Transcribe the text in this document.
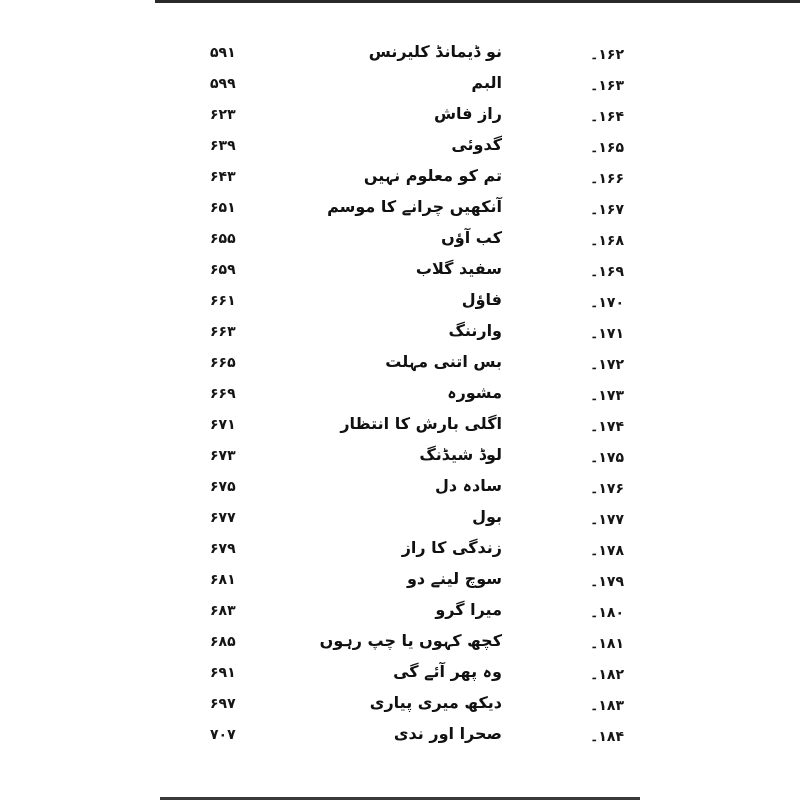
۵۹۱	نو ڈیمانڈ کلیرنس	۱۶۲۔
۵۹۹	البم	۱۶۳۔
۶۲۳	راز فاش	۱۶۴۔
۶۳۹	گدوئی	۱۶۵۔
۶۴۳	تم کو معلوم نہیں	۱۶۶۔
۶۵۱	آنکھیں چرانے کا موسم	۱۶۷۔
۶۵۵	کب آؤں	۱۶۸۔
۶۵۹	سفید گلاب	۱۶۹۔
۶۶۱	فاؤل	۱۷۰۔
۶۶۳	وارننگ	۱۷۱۔
۶۶۵	بس اتنی مہلت	۱۷۲۔
۶۶۹	مشورہ	۱۷۳۔
۶۷۱	اگلی بارش کا انتظار	۱۷۴۔
۶۷۳	لوڈ شیڈنگ	۱۷۵۔
۶۷۵	سادہ دل	۱۷۶۔
۶۷۷	بول	۱۷۷۔
۶۷۹	زندگی کا راز	۱۷۸۔
۶۸۱	سوچ لینے دو	۱۷۹۔
۶۸۳	میرا گرو	۱۸۰۔
۶۸۵	کچھ کہوں یا چپ رہوں	۱۸۱۔
۶۹۱	وہ پھر آئے گی	۱۸۲۔
۶۹۷	دیکھ میری پیاری	۱۸۳۔
۷۰۷	صحرا اور ندی	۱۸۴۔
